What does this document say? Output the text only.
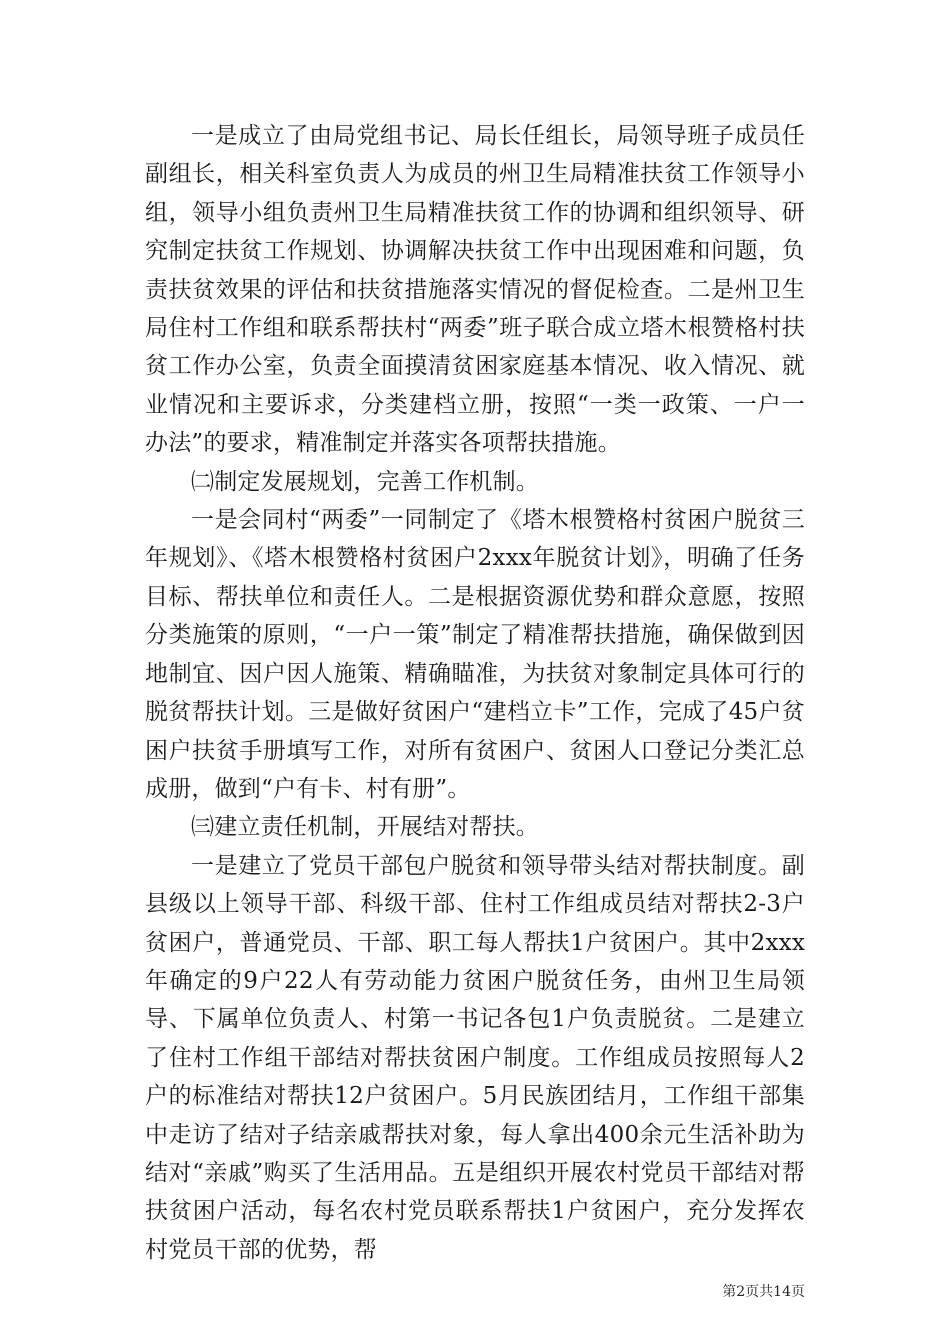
一是成立了由局党组书记、局长任组长，局领导班子成员任副组长，相关科室负责人为成员的州卫生局精准扶贫工作领导小组，领导小组负责州卫生局精准扶贫工作的协调和组织领导、研究制定扶贫工作规划、协调解决扶贫工作中出现困难和问题，负责扶贫效果的评估和扶贫措施落实情况的督促检查。二是州卫生局住村工作组和联系帮扶村“两委”班子联合成立塔木根赞格村扶贫工作办公室，负责全面摸清贫困家庭基本情况、收入情况、就业情况和主要诉求，分类建档立册，按照“一类一政策、一户一办法”的要求，精准制定并落实各项帮扶措施。

㈡制定发展规划，完善工作机制。

一是会同村“两委”一同制定了《塔木根赞格村贫困户脱贫三年规划》、《塔木根赞格村贫困户2xxx年脱贫计划》，明确了任务目标、帮扶单位和责任人。二是根据资源优势和群众意愿，按照分类施策的原则，“一户一策”制定了精准帮扶措施，确保做到因地制宜、因户因人施策、精确瞄准，为扶贫对象制定具体可行的脱贫帮扶计划。三是做好贫困户“建档立卡”工作，完成了45户贫困户扶贫手册填写工作，对所有贫困户、贫困人口登记分类汇总成册，做到“户有卡、村有册”。

㈢建立责任机制，开展结对帮扶。

一是建立了党员干部包户脱贫和领导带头结对帮扶制度。副县级以上领导干部、科级干部、住村工作组成员结对帮扶2-3户贫困户，普通党员、干部、职工每人帮扶1户贫困户。其中2xxx年确定的9户22人有劳动能力贫困户脱贫任务，由州卫生局领导、下属单位负责人、村第一书记各包1户负责脱贫。二是建立了住村工作组干部结对帮扶贫困户制度。工作组成员按照每人2户的标准结对帮扶12户贫困户。5月民族团结月，工作组干部集中走访了结对子结亲戚帮扶对象，每人拿出400余元生活补助为结对“亲戚”购买了生活用品。五是组织开展农村党员干部结对帮扶贫困户活动，每名农村党员联系帮扶1户贫困户，充分发挥农村党员干部的优势，帮

第2页共14页
